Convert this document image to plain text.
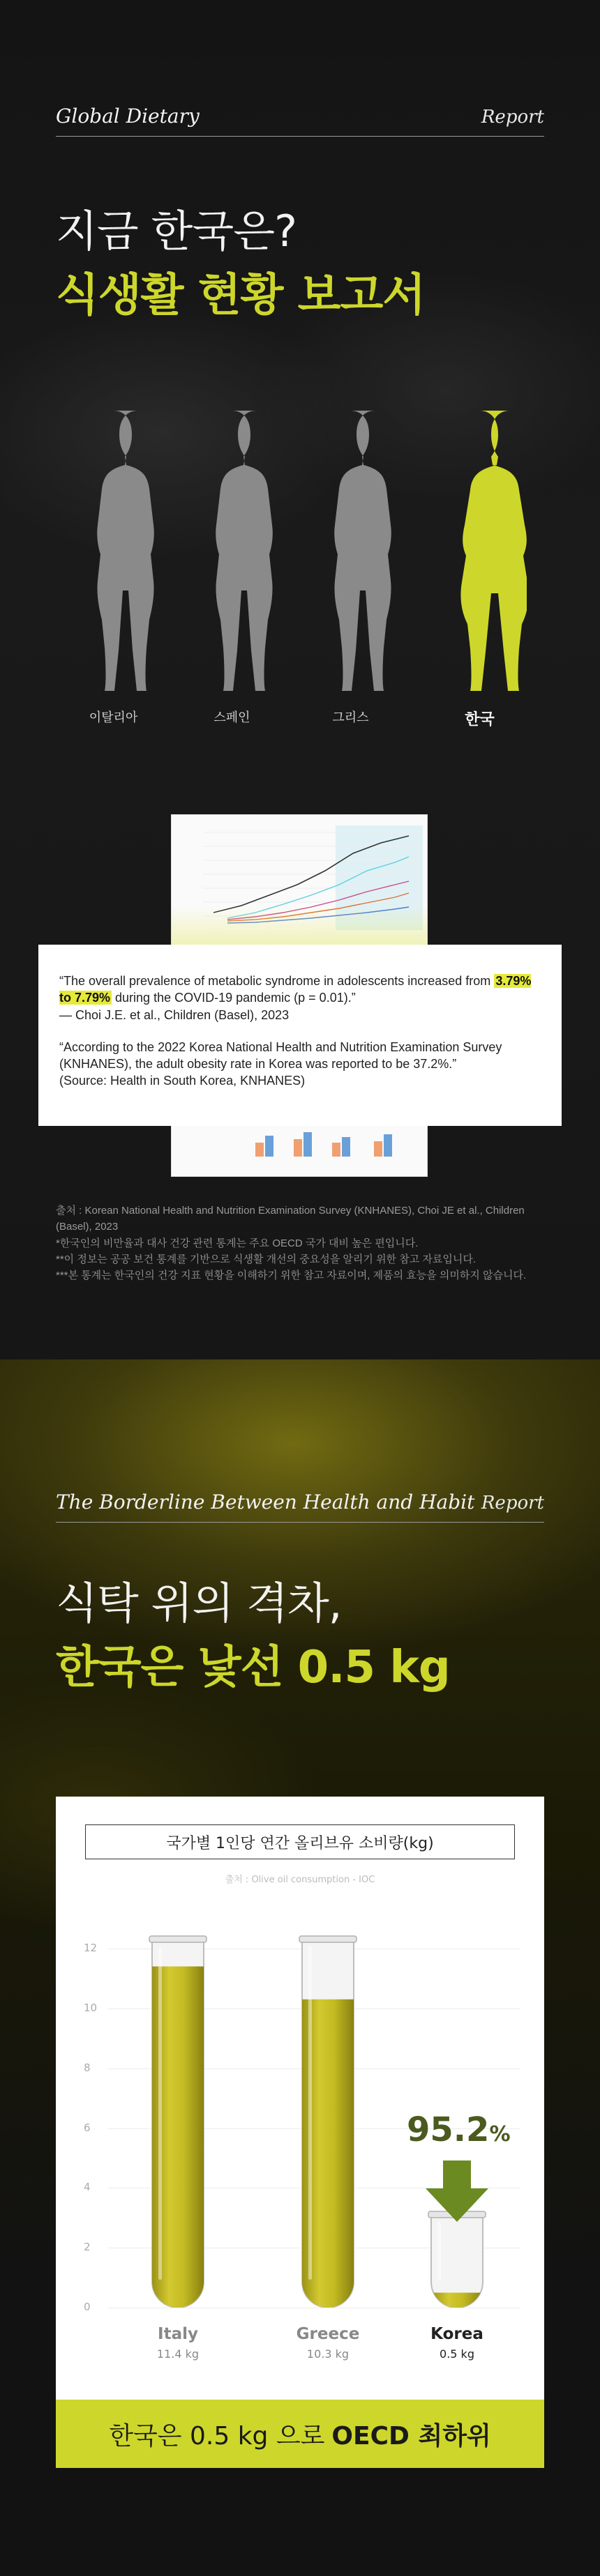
Global Dietary	Report
지금 한국은?
식생활 현황 보고서
이탈리아	스페인	그리스	한국

“The overall prevalence of metabolic syndrome in adolescents increased from 3.79% to 7.79% during the COVID-19 pandemic (p = 0.01).”
— Choi J.E. et al., Children (Basel), 2023

“According to the 2022 Korea National Health and Nutrition Examination Survey (KNHANES), the adult obesity rate in Korea was reported to be 37.2%.”
(Source: Health in South Korea, KNHANES)

출처 : Korean National Health and Nutrition Examination Survey (KNHANES), Choi JE et al., Children (Basel), 2023
*한국인의 비만율과 대사 건강 관련 통계는 주요 OECD 국가 대비 높은 편입니다.
**이 정보는 공공 보건 통계를 기반으로 식생활 개선의 중요성을 알리기 위한 참고 자료입니다.
***본 통계는 한국인의 건강 지표 현황을 이해하기 위한 참고 자료이며, 제품의 효능을 의미하지 않습니다.
The Borderline Between Health and Habit Report
식탁 위의 격차,
한국은 낯선 0.5 kg
국가별 1인당 연간 올리브유 소비량(kg)
출처 : Olive oil consumption - IOC
0
2
4
6
8
10
12
95.2%
Italy
11.4 kg
Greece
10.3 kg
Korea
0.5 kg
한국은 0.5 kg 으로 OECD 최하위
